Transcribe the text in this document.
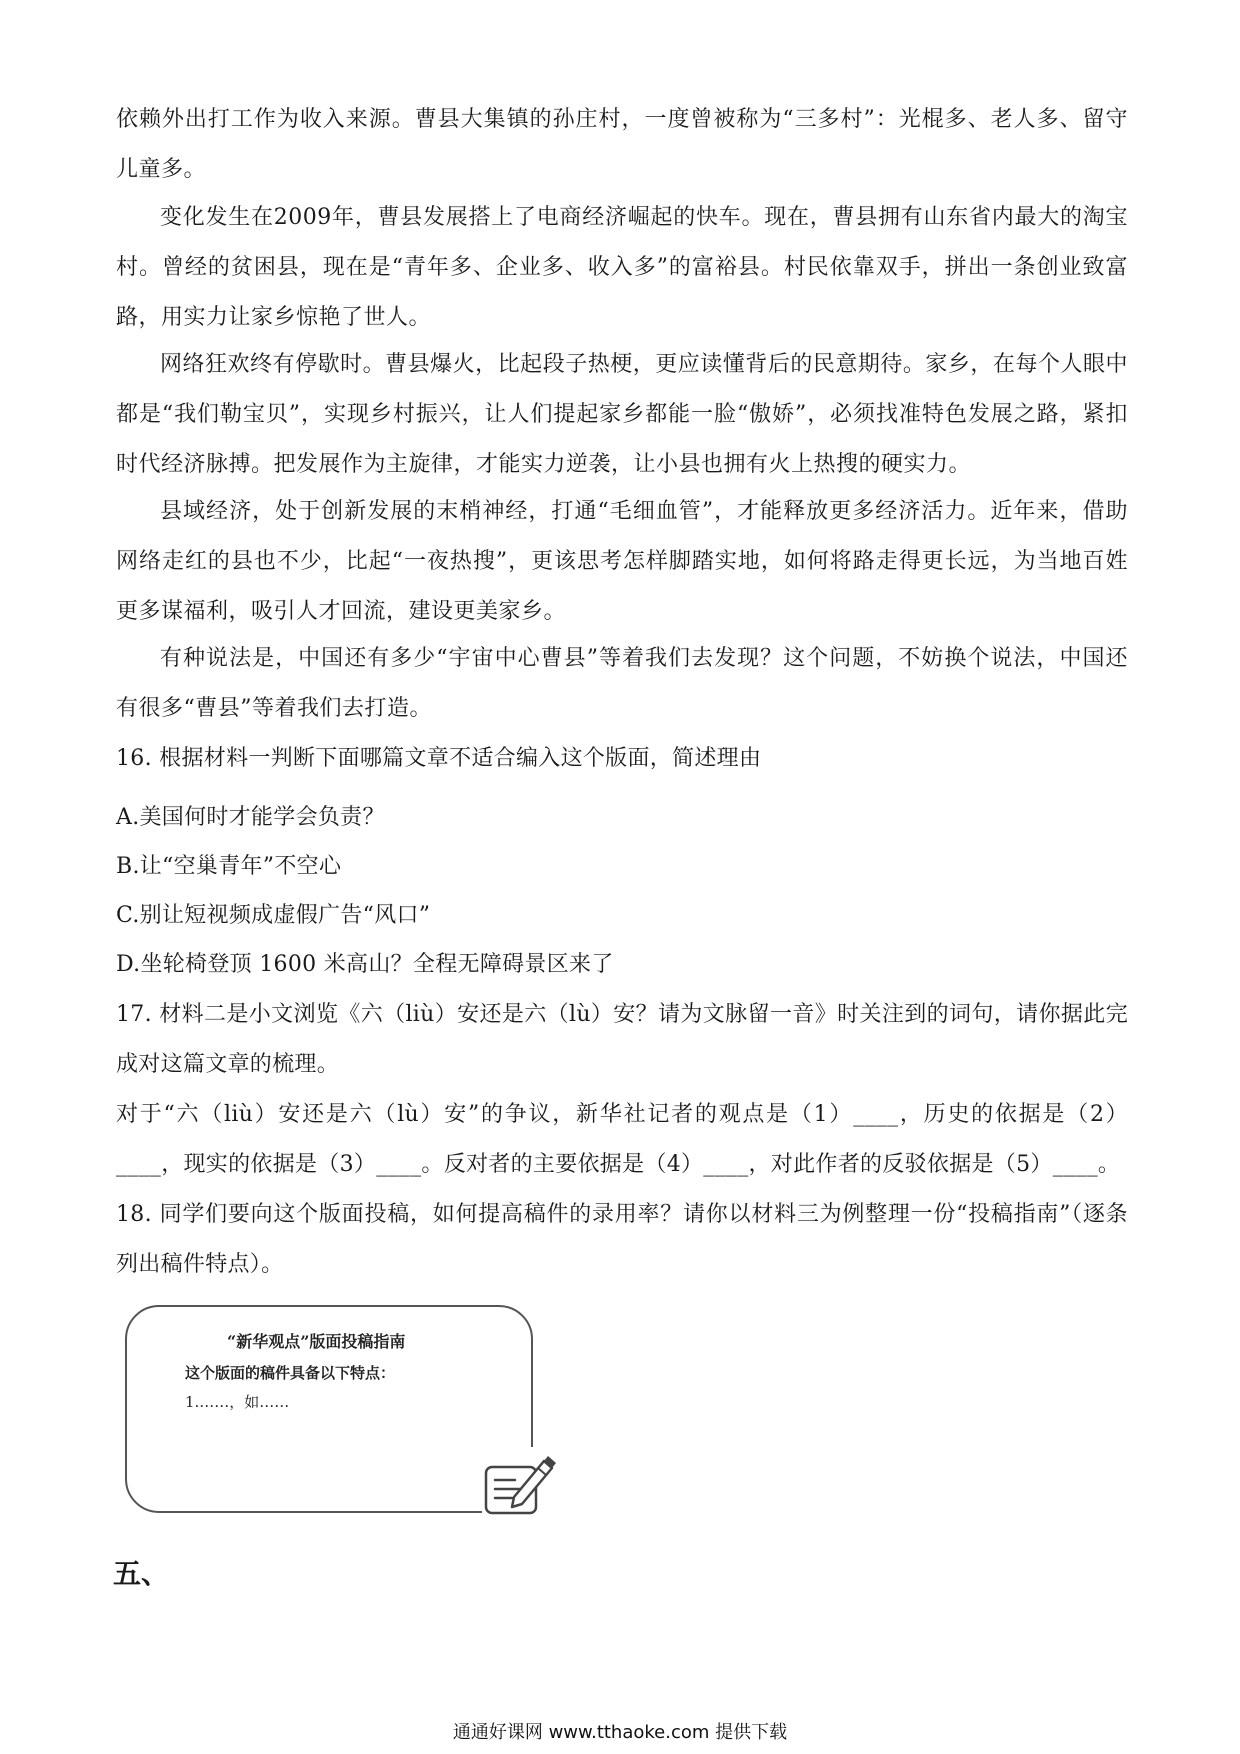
依赖外出打工作为收入来源。曹县大集镇的孙庄村，一度曾被称为“三多村”：光棍多、老人多、留守儿童多。

变化发生在2009年，曹县发展搭上了电商经济崛起的快车。现在，曹县拥有山东省内最大的淘宝村。曾经的贫困县，现在是“青年多、企业多、收入多”的富裕县。村民依靠双手，拼出一条创业致富路，用实力让家乡惊艳了世人。

网络狂欢终有停歇时。曹县爆火，比起段子热梗，更应读懂背后的民意期待。家乡，在每个人眼中都是“我们勒宝贝”，实现乡村振兴，让人们提起家乡都能一脸“傲娇”，必须找准特色发展之路，紧扣时代经济脉搏。把发展作为主旋律，才能实力逆袭，让小县也拥有火上热搜的硬实力。

县域经济，处于创新发展的末梢神经，打通“毛细血管”，才能释放更多经济活力。近年来，借助网络走红的县也不少，比起“一夜热搜”，更该思考怎样脚踏实地，如何将路走得更长远，为当地百姓更多谋福利，吸引人才回流，建设更美家乡。

有种说法是，中国还有多少“宇宙中心曹县”等着我们去发现？这个问题，不妨换个说法，中国还有很多“曹县”等着我们去打造。

16. 根据材料一判断下面哪篇文章不适合编入这个版面，简述理由

A.美国何时才能学会负责？

B.让“空巢青年”不空心

C.别让短视频成虚假广告“风口”

D.坐轮椅登顶 1600 米高山？全程无障碍景区来了

17. 材料二是小文浏览《六（liù）安还是六（lù）安？请为文脉留一音》时关注到的词句，请你据此完成对这篇文章的梳理。

对于“六（liù）安还是六（lù）安”的争议，新华社记者的观点是（1）____，历史的依据是（2）____，现实的依据是（3）____。反对者的主要依据是（4）____，对此作者的反驳依据是（5）____。

18. 同学们要向这个版面投稿，如何提高稿件的录用率？请你以材料三为例整理一份“投稿指南”（逐条列出稿件特点）。

“新华观点”版面投稿指南
这个版面的稿件具备以下特点：
1.……，如……
五、

通通好课网 www.tthaoke.com 提供下载
